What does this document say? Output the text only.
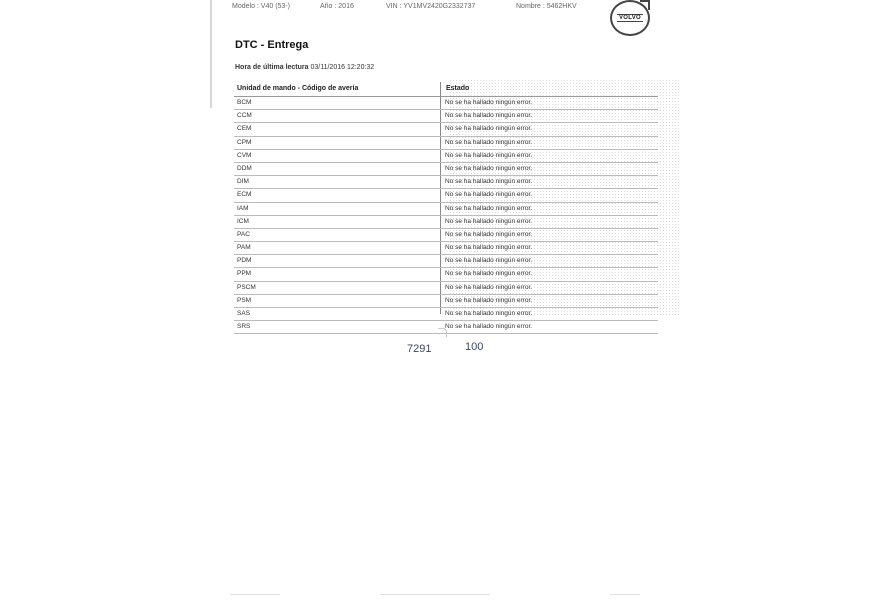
Modelo : V40 (53-)	Año : 2016	VIN : YV1MV2420G2332737	Nombre : 5462HKV
VOLVO
DTC - Entrega
Hora de última lectura 03/11/2016 12:20:32
Unidad de mando - Código de avería	Estado
BCM	No se ha hallado ningún error.
CCM	No se ha hallado ningún error.
CEM	No se ha hallado ningún error.
CPM	No se ha hallado ningún error.
CVM	No se ha hallado ningún error.
DDM	No se ha hallado ningún error.
DIM	No se ha hallado ningún error.
ECM	No se ha hallado ningún error.
IAM	No se ha hallado ningún error.
ICM	No se ha hallado ningún error.
PAC	No se ha hallado ningún error.
PAM	No se ha hallado ningún error.
PDM	No se ha hallado ningún error.
PPM	No se ha hallado ningún error.
PSCM	No se ha hallado ningún error.
PSM	No se ha hallado ningún error.
SAS	No se ha hallado ningún error.
SRS	No se ha hallado ningún error.
7291	100
